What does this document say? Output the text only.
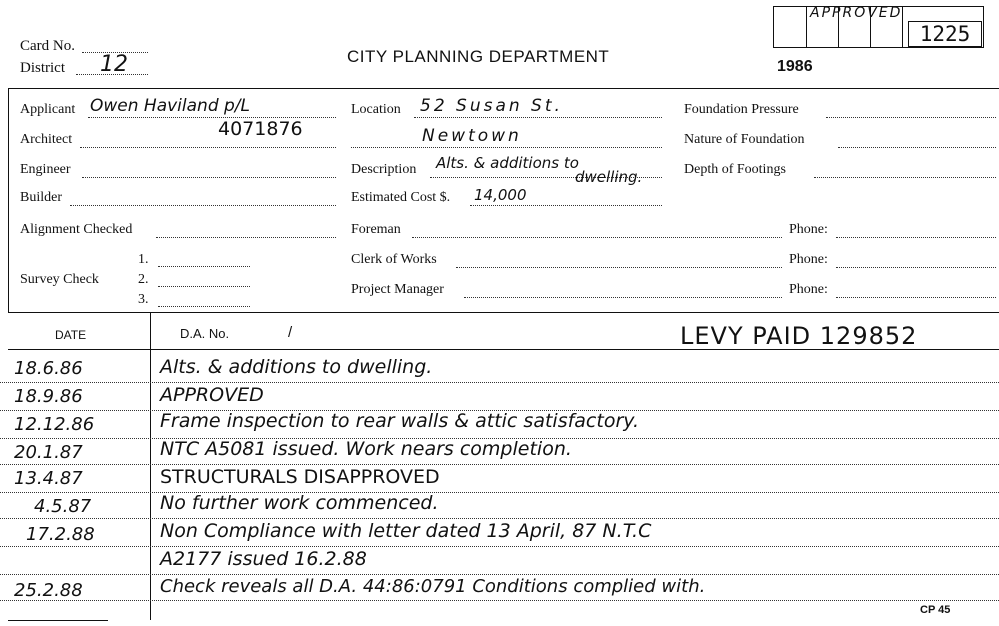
Card No.
District 12	CITY PLANNING DEPARTMENT
1986
APPROVED
1225
Applicant Owen Haviland p/L
Architect	4071876
Engineer
Builder
Alignment Checked
Survey Check
1.
2.
3.
Location 52 Susan St.
Newtown
Description Alts. & additions to
dwelling.
Estimated Cost $. 14,000
Foreman
Clerk of Works
Project Manager
Foundation Pressure
Nature of Foundation
Depth of Footings
Phone:
Phone:
Phone:
DATE	D.A. No.	/	LEVY PAID 129852
18.6.86	Alts. & additions to dwelling.
18.9.86	APPROVED
12.12.86	Frame inspection to rear walls & attic satisfactory.
20.1.87	NTC A5081 issued. Work nears completion.
13.4.87	STRUCTURALS DISAPPROVED
4.5.87	No further work commenced.
17.2.88	Non Compliance with letter dated 13 April, 87 N.T.C
A2177 issued 16.2.88
25.2.88	Check reveals all D.A. 44:86:0791 Conditions complied with.
CP 45
